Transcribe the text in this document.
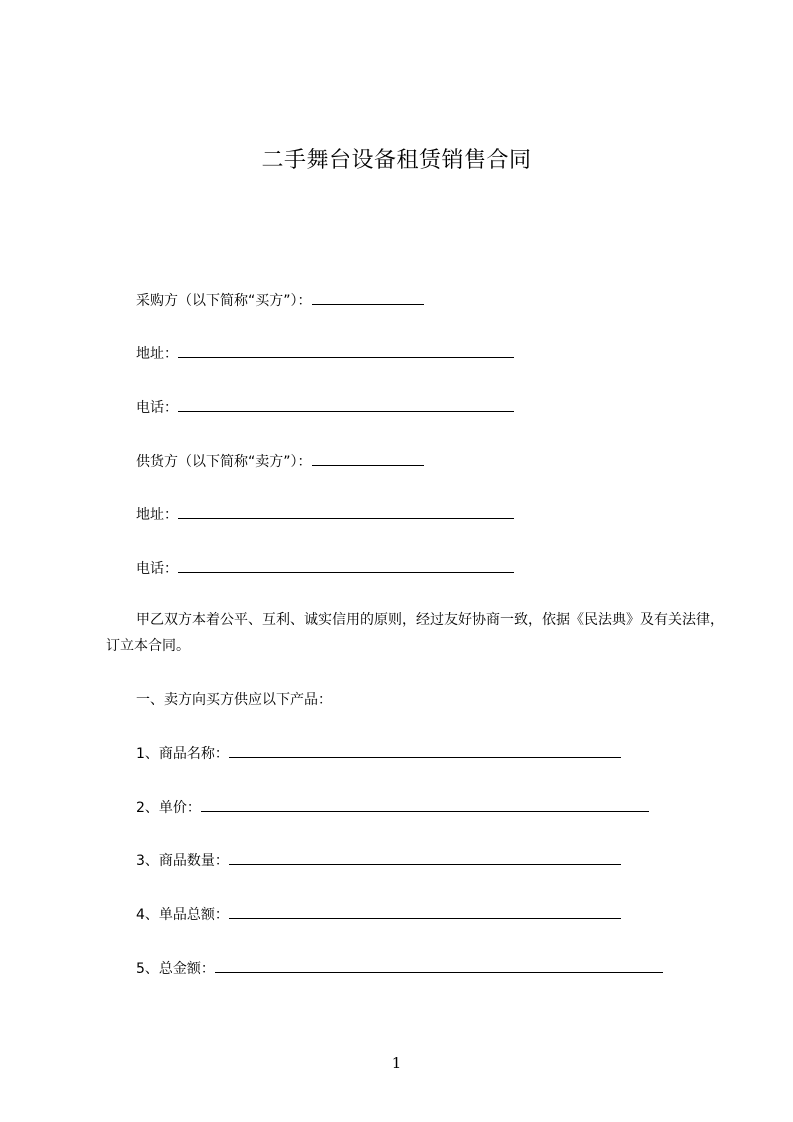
二手舞台设备租赁销售合同
采购方（以下简称“买方”）：
地址：
电话：
供货方（以下简称“卖方”）：
地址：
电话：
甲乙双方本着公平、互利、诚实信用的原则，经过友好协商一致，依据《民法典》及有关法律，订立本合同。
一、卖方向买方供应以下产品：
1、商品名称：
2、单价：
3、商品数量：
4、单品总额：
5、总金额：
1
